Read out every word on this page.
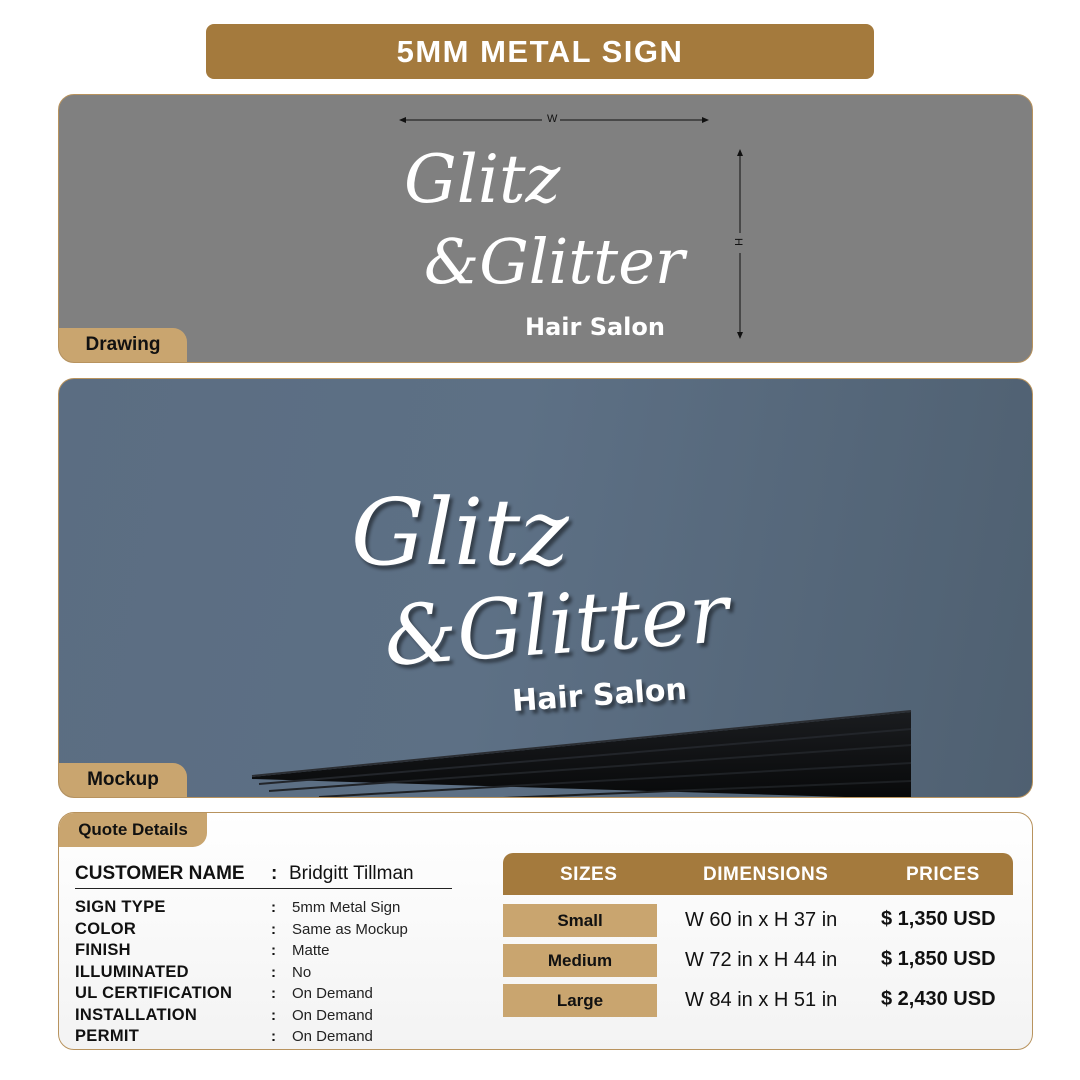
5MM METAL SIGN
W
H
Glitz
&Glitter
Hair Salon
Drawing
Glitz
&Glitter
Hair Salon
Mockup
Quote Details
CUSTOMER NAME	: Bridgitt Tillman
SIGN TYPE	:	5mm Metal Sign
COLOR	:	Same as Mockup
FINISH	:	Matte
ILLUMINATED	:	No
UL CERTIFICATION	:	On Demand
INSTALLATION	:	On Demand
PERMIT	:	On Demand
SIZES	DIMENSIONS	PRICES
Small	W 60 in x H 37 in $ 1,350 USD
Medium	W 72 in x H 44 in $ 1,850 USD
Large	W 84 in x H 51 in $ 2,430 USD
